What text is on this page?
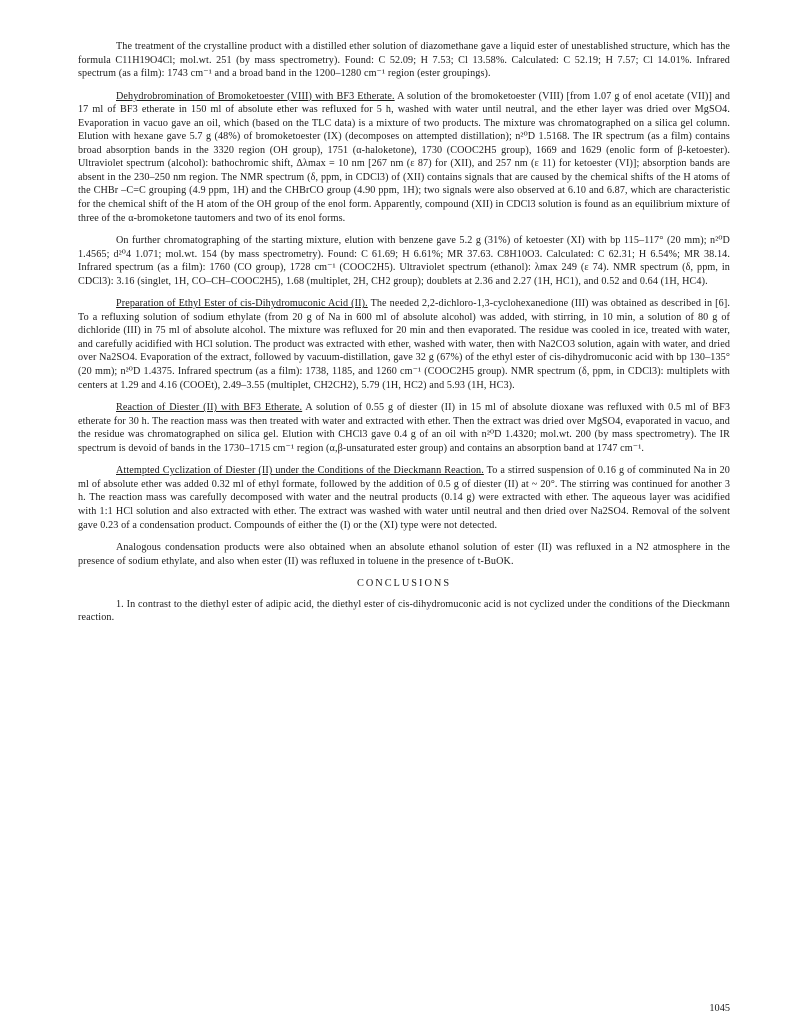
The treatment of the crystalline product with a distilled ether solution of diazomethane gave a liquid ester of unestablished structure, which has the formula C11H19O4Cl; mol.wt. 251 (by mass spectrometry). Found: C 52.09; H 7.53; Cl 13.58%. Calculated: C 52.19; H 7.57; Cl 14.01%. Infrared spectrum (as a film): 1743 cm⁻¹ and a broad band in the 1200–1280 cm⁻¹ region (ester groupings).

Dehydrobromination of Bromoketoester (VIII) with BF3 Etherate. A solution of the bromoketoester (VIII) [from 1.07 g of enol acetate (VII)] and 17 ml of BF3 etherate in 150 ml of absolute ether was refluxed for 5 h, washed with water until neutral, and the ether layer was dried over MgSO4. Evaporation in vacuo gave an oil, which (based on the TLC data) is a mixture of two products. The mixture was chromatographed on a silica gel column. Elution with hexane gave 5.7 g (48%) of bromoketoester (IX) (decomposes on attempted distillation); n²⁰D 1.5168. The IR spectrum (as a film) contains broad absorption bands in the 3320 region (OH group), 1751 (α-haloketone), 1730 (COOC2H5 group), 1669 and 1629 (enolic form of β-ketoester). Ultraviolet spectrum (alcohol): bathochromic shift, Δλmax = 10 nm [267 nm (ε 87) for (XII), and 257 nm (ε 11) for ketoester (VI)]; absorption bands are absent in the 230–250 nm region. The NMR spectrum (δ, ppm, in CDCl3) of (XII) contains signals that are caused by the chemical shifts of the H atoms of the CHBr –C=C grouping (4.9 ppm, 1H) and the CHBrCO group (4.90 ppm, 1H); two signals were also observed at 6.10 and 6.87, which are characteristic for the chemical shift of the H atom of the OH group of the enol form. Apparently, compound (XII) in CDCl3 solution is found as an equilibrium mixture of three of the α-bromoketone tautomers and two of its enol forms.

On further chromatographing of the starting mixture, elution with benzene gave 5.2 g (31%) of ketoester (XI) with bp 115–117° (20 mm); n²⁰D 1.4565; d²⁰4 1.071; mol.wt. 154 (by mass spectrometry). Found: C 61.69; H 6.61%; MR 37.63. C8H10O3. Calculated: C 62.31; H 6.54%; MR 38.14. Infrared spectrum (as a film): 1760 (CO group), 1728 cm⁻¹ (COOC2H5). Ultraviolet spectrum (ethanol): λmax 249 (ε 74). NMR spectrum (δ, ppm, in CDCl3): 3.16 (singlet, 1H, CO–CH–COOC2H5), 1.68 (multiplet, 2H, CH2 group); doublets at 2.36 and 2.27 (1H, HC1), and 0.52 and 0.64 (1H, HC4).

Preparation of Ethyl Ester of cis-Dihydromuconic Acid (II). The needed 2,2-dichloro-1,3-cyclohexanedione (III) was obtained as described in [6]. To a refluxing solution of sodium ethylate (from 20 g of Na in 600 ml of absolute alcohol) was added, with stirring, in 10 min, a solution of 80 g of dichloride (III) in 75 ml of absolute alcohol. The mixture was refluxed for 20 min and then evaporated. The residue was cooled in ice, treated with water, and carefully acidified with HCl solution. The product was extracted with ether, washed with water, then with Na2CO3 solution, again with water, and dried over Na2SO4. Evaporation of the extract, followed by vacuum-distillation, gave 32 g (67%) of the ethyl ester of cis-dihydromuconic acid with bp 130–135° (20 mm); n²⁰D 1.4375. Infrared spectrum (as a film): 1738, 1185, and 1260 cm⁻¹ (COOC2H5 group). NMR spectrum (δ, ppm, in CDCl3): multiplets with centers at 1.29 and 4.16 (COOEt), 2.49–3.55 (multiplet, CH2CH2), 5.79 (1H, HC2) and 5.93 (1H, HC3).

Reaction of Diester (II) with BF3 Etherate. A solution of 0.55 g of diester (II) in 15 ml of absolute dioxane was refluxed with 0.5 ml of BF3 etherate for 30 h. The reaction mass was then treated with water and extracted with ether. Then the extract was dried over MgSO4, evaporated in vacuo, and the residue was chromatographed on silica gel. Elution with CHCl3 gave 0.4 g of an oil with n²⁰D 1.4320; mol.wt. 200 (by mass spectrometry). The IR spectrum is devoid of bands in the 1730–1715 cm⁻¹ region (α,β-unsaturated ester group) and contains an absorption band at 1747 cm⁻¹.

Attempted Cyclization of Diester (II) under the Conditions of the Dieckmann Reaction. To a stirred suspension of 0.16 g of comminuted Na in 20 ml of absolute ether was added 0.32 ml of ethyl formate, followed by the addition of 0.5 g of diester (II) at ~ 20°. The stirring was continued for another 3 h. The reaction mass was carefully decomposed with water and the neutral products (0.14 g) were extracted with ether. The aqueous layer was acidified with 1:1 HCl solution and also extracted with ether. The extract was washed with water until neutral and then dried over Na2SO4. Removal of the solvent gave 0.23 of a condensation product. Compounds of either the (I) or the (XI) type were not detected.

Analogous condensation products were also obtained when an absolute ethanol solution of ester (II) was refluxed in a N2 atmosphere in the presence of sodium ethylate, and also when ester (II) was refluxed in toluene in the presence of t-BuOK.

CONCLUSIONS

1. In contrast to the diethyl ester of adipic acid, the diethyl ester of cis-dihydromuconic acid is not cyclized under the conditions of the Dieckmann reaction.

1045
